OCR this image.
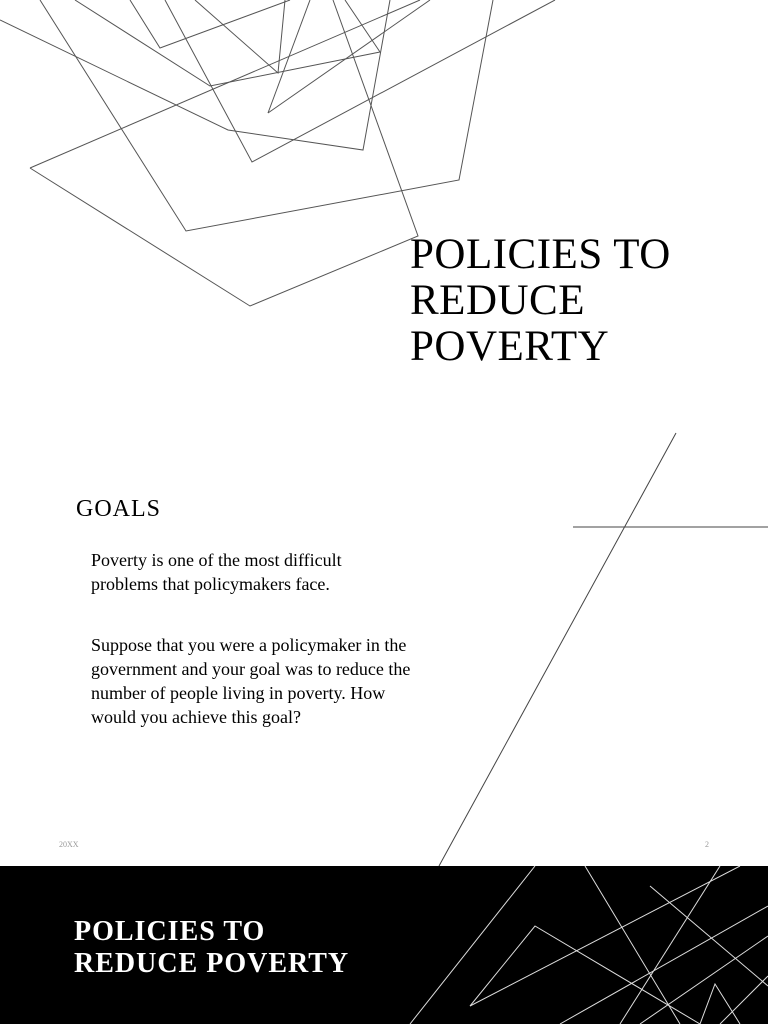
POLICIES TO REDUCE POVERTY
GOALS

Poverty is one of the most difficult problems that policymakers face.

Suppose that you were a policymaker in the government and your goal was to reduce the number of people living in poverty. How would you achieve this goal?

20XX	2
POLICIES TO REDUCE POVERTY
